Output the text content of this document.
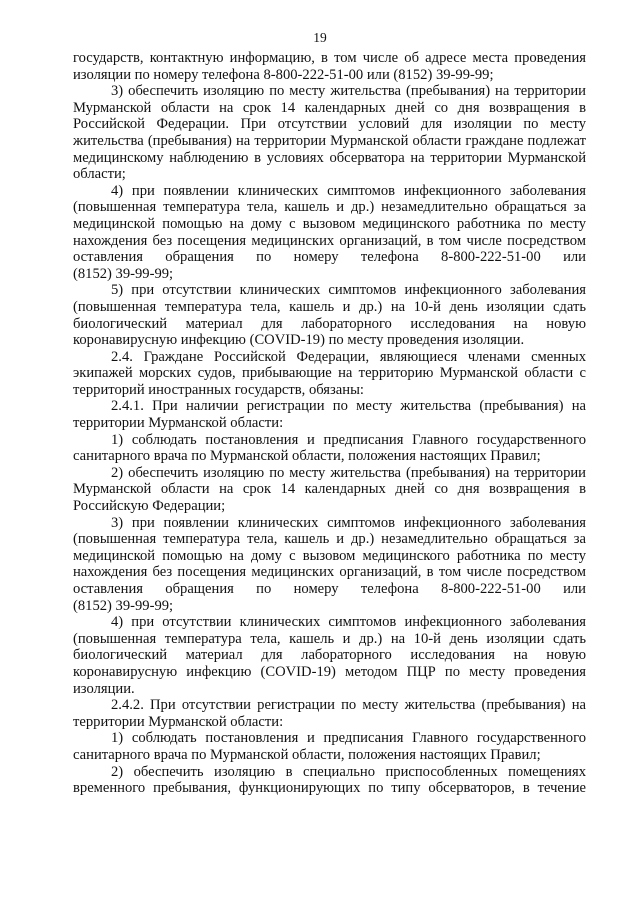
19

государств, контактную информацию, в том числе об адресе места проведения изоляции по номеру телефона 8-800-222-51-00 или (8152) 39-99-99;

3) обеспечить изоляцию по месту жительства (пребывания) на территории Мурманской области на срок 14 календарных дней со дня возвращения в Российской Федерации. При отсутствии условий для изоляции по месту жительства (пребывания) на территории Мурманской области граждане подлежат медицинскому наблюдению в условиях обсерватора на территории Мурманской области;

4) при появлении клинических симптомов инфекционного заболевания (повышенная температура тела, кашель и др.) незамедлительно обращаться за медицинской помощью на дому с вызовом медицинского работника по месту нахождения без посещения медицинских организаций, в том числе посредством оставления обращения по номеру телефона 8-800-222-51-00 или

(8152) 39-99-99;

5) при отсутствии клинических симптомов инфекционного заболевания (повышенная температура тела, кашель и др.) на 10-й день изоляции сдать биологический материал для лабораторного исследования на новую коронавирусную инфекцию (COVID-19) по месту проведения изоляции.

2.4. Граждане Российской Федерации, являющиеся членами сменных экипажей морских судов, прибывающие на территорию Мурманской области с территорий иностранных государств, обязаны:

2.4.1. При наличии регистрации по месту жительства (пребывания) на территории Мурманской области:

1) соблюдать постановления и предписания Главного государственного санитарного врача по Мурманской области, положения настоящих Правил;

2) обеспечить изоляцию по месту жительства (пребывания) на территории Мурманской области на срок 14 календарных дней со дня возвращения в Российскую Федерации;

3) при появлении клинических симптомов инфекционного заболевания (повышенная температура тела, кашель и др.) незамедлительно обращаться за медицинской помощью на дому с вызовом медицинского работника по месту нахождения без посещения медицинских организаций, в том числе посредством оставления обращения по номеру телефона 8-800-222-51-00 или

(8152) 39-99-99;

4) при отсутствии клинических симптомов инфекционного заболевания (повышенная температура тела, кашель и др.) на 10-й день изоляции сдать биологический материал для лабораторного исследования на новую коронавирусную инфекцию (COVID-19) методом ПЦР по месту проведения изоляции.

2.4.2. При отсутствии регистрации по месту жительства (пребывания) на территории Мурманской области:

1) соблюдать постановления и предписания Главного государственного санитарного врача по Мурманской области, положения настоящих Правил;

2) обеспечить изоляцию в специально приспособленных помещениях временного пребывания, функционирующих по типу обсерваторов, в течение
